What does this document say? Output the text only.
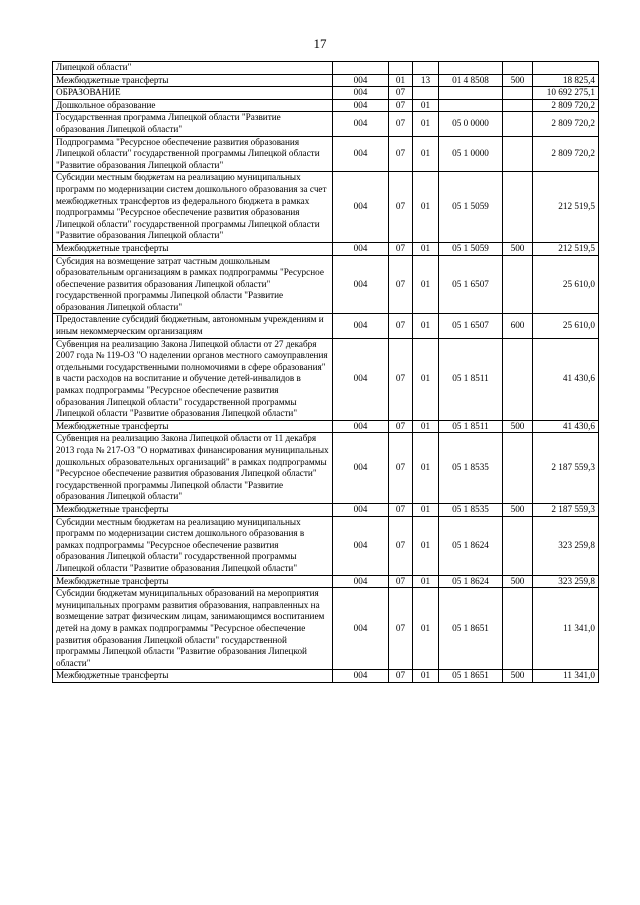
17
Липецкой области"						
Межбюджетные трансферты	004	01	13	01 4 8508	500	18 825,4
ОБРАЗОВАНИЕ	004	07				10 692 275,1
Дошкольное образование	004	07	01			2 809 720,2
Государственная программа Липецкой области "Развитие образования Липецкой области"	004	07	01	05 0 0000		2 809 720,2
Подпрограмма "Ресурсное обеспечение развития образования Липецкой области" государственной программы Липецкой области "Развитие образования Липецкой области"	004	07	01	05 1 0000		2 809 720,2
Субсидии местным бюджетам на реализацию муниципальных программ по модернизации систем дошкольного образования за счет межбюджетных трансфертов из федерального бюджета в рамках подпрограммы "Ресурсное обеспечение развития образования Липецкой области" государственной программы Липецкой области "Развитие образования Липецкой области"	004	07	01	05 1 5059		212 519,5
Межбюджетные трансферты	004	07	01	05 1 5059	500	212 519,5
Субсидия на возмещение затрат частным дошкольным образовательным организациям в рамках подпрограммы "Ресурсное обеспечение развития образования Липецкой области" государственной программы Липецкой области "Развитие образования Липецкой области"	004	07	01	05 1 6507		25 610,0
Предоставление субсидий бюджетным, автономным учреждениям и иным некоммерческим организациям	004	07	01	05 1 6507	600	25 610,0
Субвенция на реализацию Закона Липецкой области от 27 декабря 2007 года № 119-ОЗ "О наделении органов местного самоуправления отдельными государственными полномочиями в сфере образования" в части расходов на воспитание и обучение детей-инвалидов в рамках подпрограммы "Ресурсное обеспечение развития образования Липецкой области" государственной программы Липецкой области "Развитие образования Липецкой области"	004	07	01	05 1 8511		41 430,6
Межбюджетные трансферты	004	07	01	05 1 8511	500	41 430,6
Субвенция на реализацию Закона Липецкой области от 11 декабря 2013 года № 217-ОЗ "О нормативах финансирования муниципальных дошкольных образовательных организаций" в рамках подпрограммы "Ресурсное обеспечение развития образования Липецкой области" государственной программы Липецкой области "Развитие образования Липецкой области"	004	07	01	05 1 8535		2 187 559,3
Межбюджетные трансферты	004	07	01	05 1 8535	500	2 187 559,3
Субсидии местным бюджетам на реализацию муниципальных программ по модернизации систем дошкольного образования в рамках подпрограммы "Ресурсное обеспечение развития образования Липецкой области" государственной программы Липецкой области "Развитие образования Липецкой области"	004	07	01	05 1 8624		323 259,8
Межбюджетные трансферты	004	07	01	05 1 8624	500	323 259,8
Субсидии бюджетам муниципальных образований на мероприятия муниципальных программ развития образования, направленных на возмещение затрат физическим лицам, занимающимся воспитанием детей на дому в рамках подпрограммы "Ресурсное обеспечение развития образования Липецкой области" государственной программы Липецкой области "Развитие образования Липецкой области"	004	07	01	05 1 8651		11 341,0
Межбюджетные трансферты	004	07	01	05 1 8651	500	11 341,0
